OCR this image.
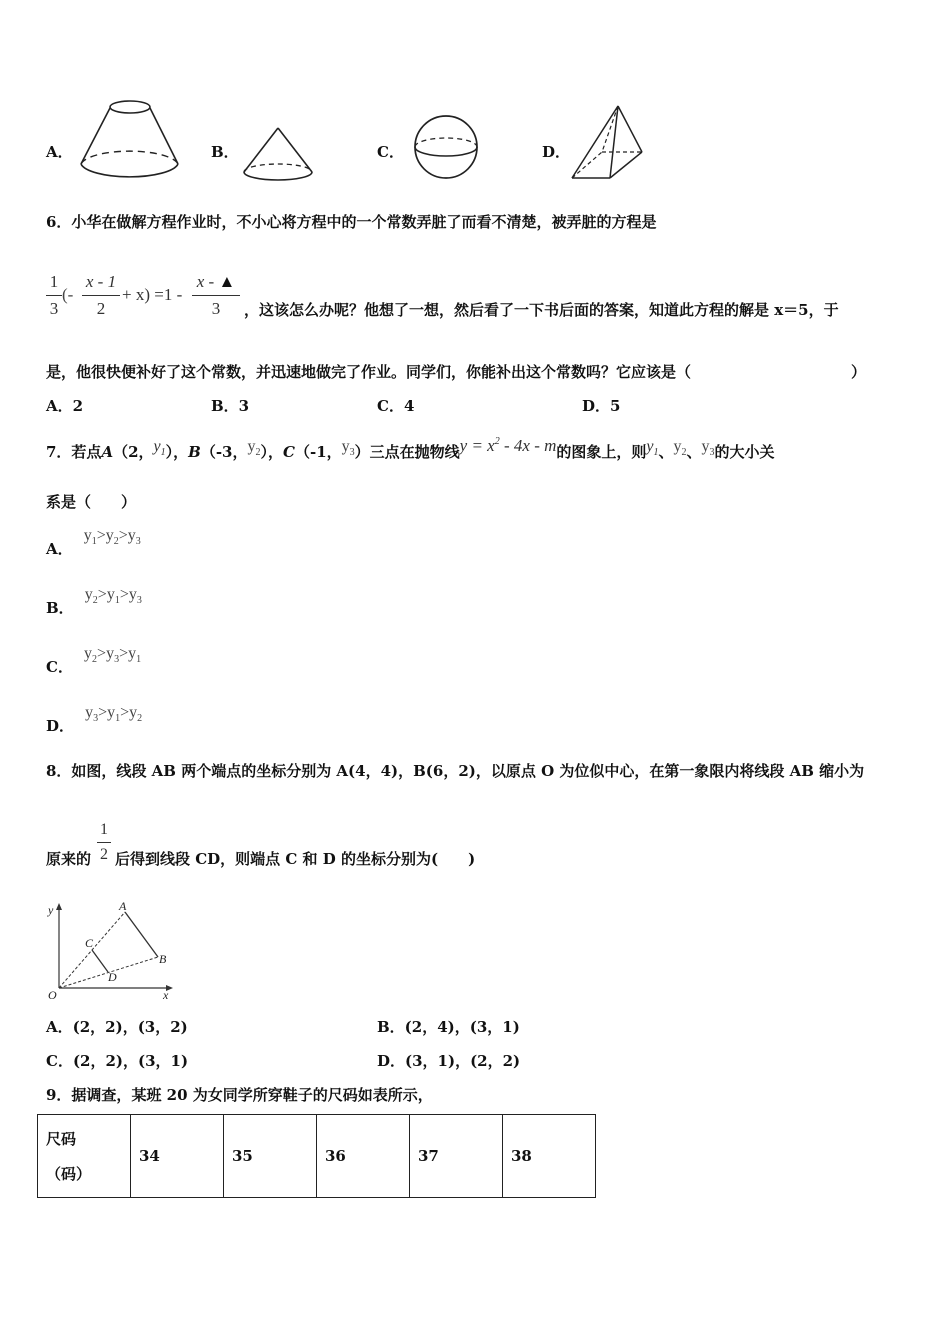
A．	B．	C．	D．
6．小华在做解方程作业时，不小心将方程中的一个常数弄脏了而看不清楚，被弄脏的方程是
1
3
(-
x - 1
2
+ x) =1 -
x - ▲
3	，这该怎么办呢？他想了一想，然后看了一下书后面的答案，知道此方程的解是 x＝5，于
是，他很快便补好了这个常数，并迅速地做完了作业。同学们，你能补出这个常数吗？它应该是（	）
A．2	B．3	C．4	D．5
7．若点A（2，$y_1$），B（-3，$y_2$），C（-1，$y_3$）三点在抛物线$y = x^2 - 4x - m$的图象上，则$y_1$、$y_2$、$y_3$的大小关
系是（　　）
A． $y_1>y_2>y_3$
B． $y_2>y_1>y_3$
C． $y_2>y_3>y_1$
D． $y_3>y_1>y_2$
8．如图，线段 AB 两个端点的坐标分别为 A(4，4)，B(6，2)，以原点 O 为位似中心，在第一象限内将线段 AB 缩小为
原来的
1
2 后得到线段 CD，则端点 C 和 D 的坐标分别为(　　)
y	A
C
B
D
O	x
A．(2，2)，(3，2)	B．(2，4)，(3，1)
C．(2，2)，(3，1)	D．(3，1)，(2，2)
9．据调查，某班 20 为女同学所穿鞋子的尺码如表所示，
尺码
（码）
	34	35	36	37	38
